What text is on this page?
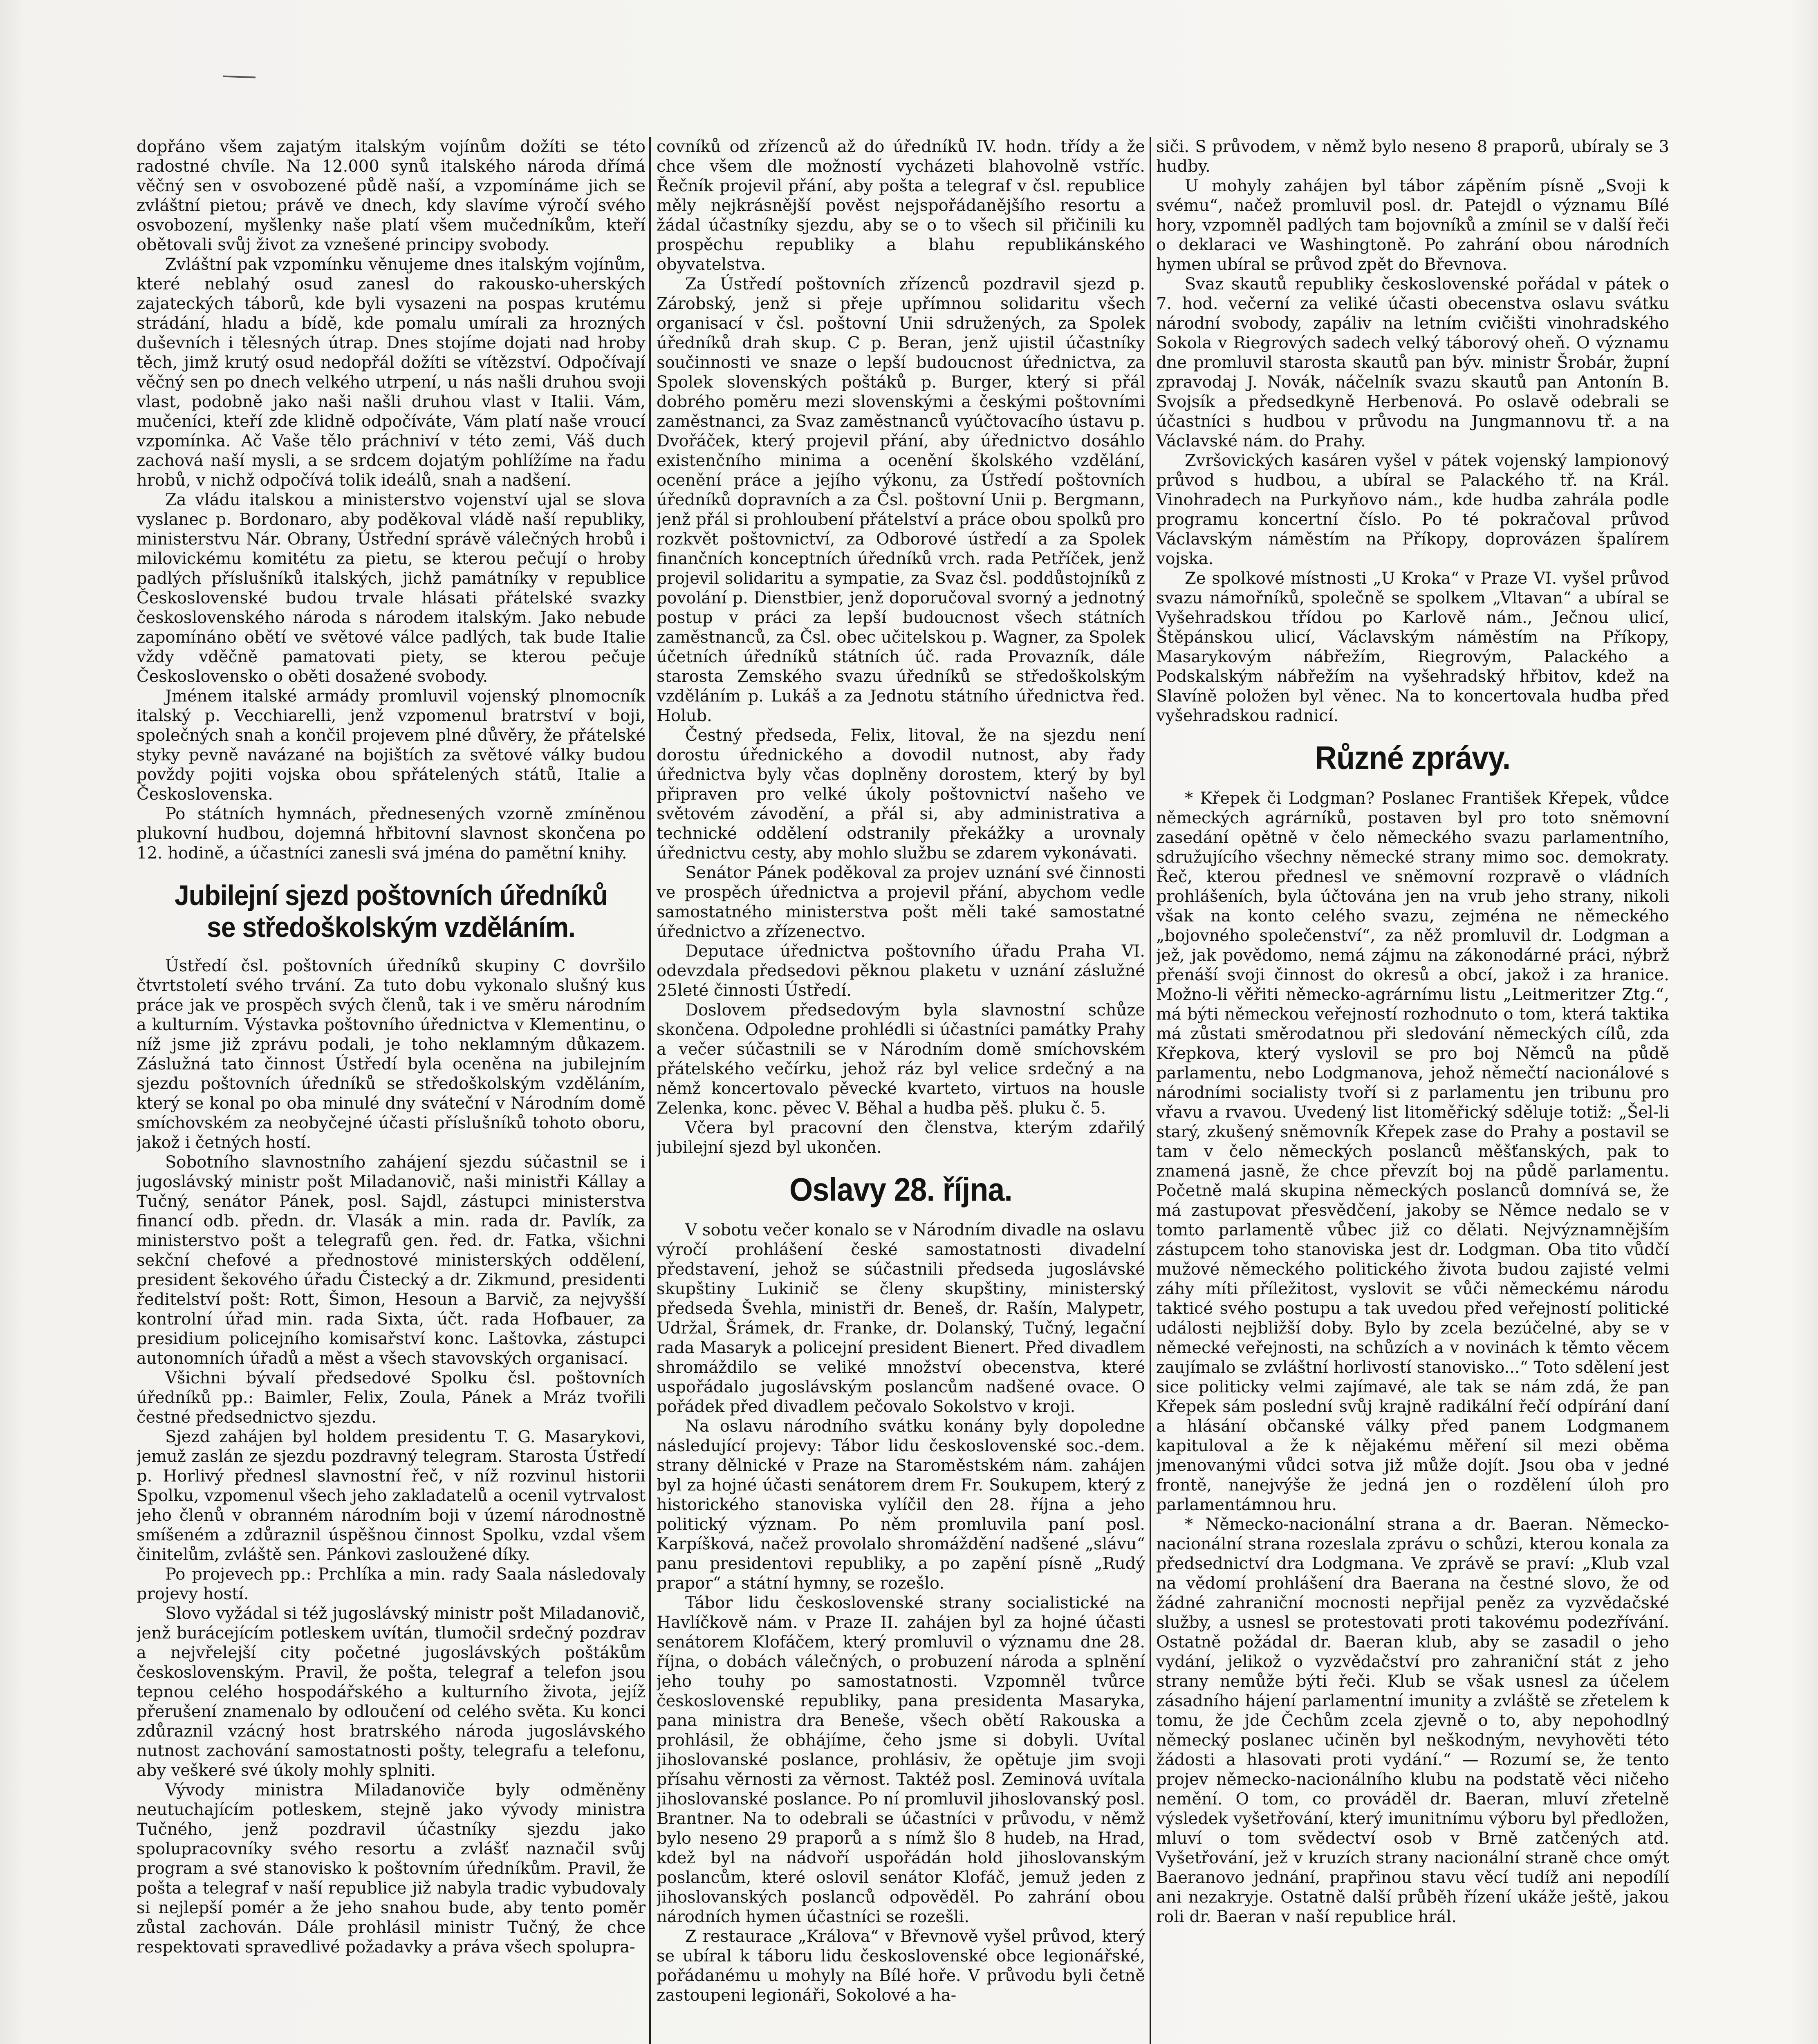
dopřáno všem zajatým italským vojínům dožíti se této radostné chvíle. Na 12.000 synů italského národa dřímá věčný sen v osvobozené půdě naší, a vzpomínáme jich se zvláštní pietou; právě ve dnech, kdy slavíme výročí svého osvobození, myšlenky naše platí všem mučedníkům, kteří obětovali svůj život za vznešené principy svobody.

Zvláštní pak vzpomínku věnujeme dnes italským vojínům, které neblahý osud zanesl do rakousko-uherských zajateckých táborů, kde byli vysazeni na pospas krutému strádání, hladu a bídě, kde pomalu umírali za hrozných duševních i tělesných útrap. Dnes stojíme dojati nad hroby těch, jimž krutý osud nedopřál dožíti se vítězství. Odpočívají věčný sen po dnech velkého utrpení, u nás našli druhou svoji vlast, podobně jako naši našli druhou vlast v Italii. Vám, mučeníci, kteří zde klidně odpočíváte, Vám platí naše vroucí vzpomínka. Ač Vaše tělo práchniví v této zemi, Váš duch zachová naší mysli, a se srdcem dojatým pohlížíme na řadu hrobů, v nichž odpočívá tolik ideálů, snah a nadšení.

Za vládu italskou a ministerstvo vojenství ujal se slova vyslanec p. Bordonaro, aby poděkoval vládě naší republiky, ministerstvu Nár. Obrany, Ústřední správě válečných hrobů i milovickému komitétu za pietu, se kterou pečují o hroby padlých příslušníků italských, jichž památníky v republice Československé budou trvale hlásati přátelské svazky československého národa s národem italským. Jako nebude zapomínáno obětí ve světové válce padlých, tak bude Italie vždy vděčně pamatovati piety, se kterou pečuje Československo o oběti dosažené svobody.

Jménem italské armády promluvil vojenský plnomocník italský p. Vecchiarelli, jenž vzpomenul bratrství v boji, společných snah a končil projevem plné důvěry, že přátelské styky pevně navázané na bojištích za světové války budou povždy pojiti vojska obou spřátelených států, Italie a Československa.

Po státních hymnách, přednesených vzorně zmíněnou plukovní hudbou, dojemná hřbitovní slavnost skončena po 12. hodině, a účastníci zanesli svá jména do pamětní knihy.

Jubilejní sjezd poštovních úředníků se středoškolským vzděláním.

Ústředí čsl. poštovních úředníků skupiny C dovršilo čtvrtstoletí svého trvání. Za tuto dobu vykonalo slušný kus práce jak ve prospěch svých členů, tak i ve směru národním a kulturním. Výstavka poštovního úřednictva v Klementinu, o níž jsme již zprávu podali, je toho neklamným důkazem. Záslužná tato činnost Ústředí byla oceněna na jubilejním sjezdu poštovních úředníků se středoškolským vzděláním, který se konal po oba minulé dny sváteční v Národním domě smíchovském za neobyčejné účasti příslušníků tohoto oboru, jakož i četných hostí.

Sobotního slavnostního zahájení sjezdu súčastnil se i jugoslávský ministr pošt Miladanovič, naši ministři Kállay a Tučný, senátor Pánek, posl. Sajdl, zástupci ministerstva financí odb. předn. dr. Vlasák a min. rada dr. Pavlík, za ministerstvo pošt a telegrafů gen. řed. dr. Fatka, všichni sekční chefové a přednostové ministerských oddělení, president šekového úřadu Čistecký a dr. Zikmund, presidenti ředitelství pošt: Rott, Šimon, Hesoun a Barvič, za nejvyšší kontrolní úřad min. rada Sixta, účt. rada Hofbauer, za presidium policejního komisařství konc. Laštovka, zástupci autonomních úřadů a měst a všech stavovských organisací.

Všichni bývalí předsedové Spolku čsl. poštovních úředníků pp.: Baimler, Felix, Zoula, Pánek a Mráz tvořili čestné předsednictvo sjezdu.

Sjezd zahájen byl holdem presidentu T. G. Masarykovi, jemuž zaslán ze sjezdu pozdravný telegram. Starosta Ústředí p. Horlivý přednesl slavnostní řeč, v níž rozvinul historii Spolku, vzpomenul všech jeho zakladatelů a ocenil vytrvalost jeho členů v obranném národním boji v území národnostně smíšeném a zdůraznil úspěšnou činnost Spolku, vzdal všem činitelům, zvláště sen. Pánkovi zasloužené díky.

Po projevech pp.: Prchlíka a min. rady Saala následovaly projevy hostí.

Slovo vyžádal si též jugoslávský ministr pošt Miladanovič, jenž burácejícím potleskem uvítán, tlumočil srdečný pozdrav a nejvřelejší city početné jugoslávských poštákům československým. Pravil, že pošta, telegraf a telefon jsou tepnou celého hospodářského a kulturního života, jejíž přerušení znamenalo by odloučení od celého světa. Ku konci zdůraznil vzácný host bratrského národa jugoslávského nutnost zachování samostatnosti pošty, telegrafu a telefonu, aby veškeré své úkoly mohly splniti.

Vývody ministra Miladanoviče byly odměněny neutuchajícím potleskem, stejně jako vývody ministra Tučného, jenž pozdravil účastníky sjezdu jako spolupracovníky svého resortu a zvlášť naznačil svůj program a své stanovisko k poštovním úředníkům. Pravil, že pošta a telegraf v naší republice již nabyla tradic vybudovaly si nejlepší pomér a že jeho snahou bude, aby tento poměr zůstal zachován. Dále prohlásil ministr Tučný, že chce respektovati spravedlivé požadavky a práva všech spolupra-

covníků od zřízenců až do úředníků IV. hodn. třídy a že chce všem dle možností vycházeti blahovolně vstříc. Řečník projevil přání, aby pošta a telegraf v čsl. republice měly nejkrásnější pověst nejspořádanějšího resortu a žádal účastníky sjezdu, aby se o to všech sil přičinili ku prospěchu republiky a blahu republikánského obyvatelstva.

Za Ústředí poštovních zřízenců pozdravil sjezd p. Zárobský, jenž si přeje upřímnou solidaritu všech organisací v čsl. poštovní Unii sdružených, za Spolek úředníků drah skup. C p. Beran, jenž ujistil účastníky součinnosti ve snaze o lepší budoucnost úřednictva, za Spolek slovenských poštáků p. Burger, který si přál dobrého poměru mezi slovenskými a českými poštovními zaměstnanci, za Svaz zaměstnanců vyúčtovacího ústavu p. Dvořáček, který projevil přání, aby úřednictvo dosáhlo existenčního minima a ocenění školského vzdělání, ocenění práce a jejího výkonu, za Ústředí poštovních úředníků dopravních a za Čsl. poštovní Unii p. Bergmann, jenž přál si prohloubení přátelství a práce obou spolků pro rozkvět poštovnictví, za Odborové ústředí a za Spolek finančních konceptních úředníků vrch. rada Petříček, jenž projevil solidaritu a sympatie, za Svaz čsl. poddůstojníků z povolání p. Dienstbier, jenž doporučoval svorný a jednotný postup v práci za lepší budoucnost všech státních zaměstnanců, za Čsl. obec učitelskou p. Wagner, za Spolek účetních úředníků státních úč. rada Provazník, dále starosta Zemského svazu úředníků se středoškolským vzděláním p. Lukáš a za Jednotu státního úřednictva řed. Holub.

Čestný předseda, Felix, litoval, že na sjezdu není dorostu úřednického a dovodil nutnost, aby řady úřednictva byly včas doplněny dorostem, který by byl připraven pro velké úkoly poštovnictví našeho ve světovém závodění, a přál si, aby administrativa a technické oddělení odstranily překážky a urovnaly úřednictvu cesty, aby mohlo službu se zdarem vykonávati.

Senátor Pánek poděkoval za projev uznání své činnosti ve prospěch úřednictva a projevil přání, abychom vedle samostatného ministerstva pošt měli také samostatné úřednictvo a zřízenectvo.

Deputace úřednictva poštovního úřadu Praha VI. odevzdala předsedovi pěknou plaketu v uznání záslužné 25leté činnosti Ústředí.

Doslovem předsedovým byla slavnostní schůze skončena. Odpoledne prohlédli si účastníci památky Prahy a večer súčastnili se v Národním domě smíchovském přátelského večírku, jehož ráz byl velice srdečný a na němž koncertovalo pěvecké kvarteto, virtuos na housle Zelenka, konc. pěvec V. Běhal a hudba pěš. pluku č. 5.

Včera byl pracovní den členstva, kterým zdařilý jubilejní sjezd byl ukončen.

Oslavy 28. října.

V sobotu večer konalo se v Národním divadle na oslavu výročí prohlášení české samostatnosti divadelní představení, jehož se súčastnili předseda jugoslávské skupštiny Lukinič se členy skupštiny, ministerský předseda Švehla, ministři dr. Beneš, dr. Rašín, Malypetr, Udržal, Šrámek, dr. Franke, dr. Dolanský, Tučný, legační rada Masaryk a policejní president Bienert. Před divadlem shromáždilo se veliké množství obecenstva, které uspořádalo jugoslávským poslancům nadšené ovace. O pořádek před divadlem pečovalo Sokolstvo v kroji.

Na oslavu národního svátku konány byly dopoledne následující projevy: Tábor lidu československé soc.-dem. strany dělnické v Praze na Staroměstském nám. zahájen byl za hojné účasti senátorem drem Fr. Soukupem, který z historického stanoviska vylíčil den 28. října a jeho politický význam. Po něm promluvila paní posl. Karpíšková, načež provolalo shromáždění nadšené „slávu“ panu presidentovi republiky, a po zapění písně „Rudý prapor“ a státní hymny, se rozešlo.

Tábor lidu československé strany socialistické na Havlíčkově nám. v Praze II. zahájen byl za hojné účasti senátorem Klofáčem, který promluvil o významu dne 28. října, o dobách válečných, o probuzení národa a splnění jeho touhy po samostatnosti. Vzpomněl tvůrce československé republiky, pana presidenta Masaryka, pana ministra dra Beneše, všech obětí Rakouska a prohlásil, že obhájíme, čeho jsme si dobyli. Uvítal jihoslovanské poslance, prohlásiv, že opětuje jim svoji přísahu věrnosti za věrnost. Taktéž posl. Zeminová uvítala jihoslovanské poslance. Po ní promluvil jihoslovanský posl. Brantner. Na to odebrali se účastníci v průvodu, v němž bylo neseno 29 praporů a s nímž šlo 8 hudeb, na Hrad, kdež byl na nádvoří uspořádán hold jihoslovanským poslancům, které oslovil senátor Klofáč, jemuž jeden z jihoslovanských poslanců odpověděl. Po zahrání obou národních hymen účastníci se rozešli.

Z restaurace „Králova“ v Břevnově vyšel průvod, který se ubíral k táboru lidu československé obce legionářské, pořádanému u mohyly na Bílé hoře. V průvodu byli četně zastoupeni legionáři, Sokolové a ha-

siči. S průvodem, v němž bylo neseno 8 praporů, ubíraly se 3 hudby.

U mohyly zahájen byl tábor zápěním písně „Svoji k svému“, načež promluvil posl. dr. Patejdl o významu Bílé hory, vzpomněl padlých tam bojovníků a zmínil se v další řeči o deklaraci ve Washingtoně. Po zahrání obou národních hymen ubíral se průvod zpět do Břevnova.

Svaz skautů republiky československé pořádal v pátek o 7. hod. večerní za veliké účasti obecenstva oslavu svátku národní svobody, zapáliv na letním cvičišti vinohradského Sokola v Riegrových sadech velký táborový oheň. O významu dne promluvil starosta skautů pan býv. ministr Šrobár, župní zpravodaj J. Novák, náčelník svazu skautů pan Antonín B. Svojsík a předsedkyně Herbenová. Po oslavě odebrali se účastníci s hudbou v průvodu na Jungmannovu tř. a na Václavské nám. do Prahy.

Zvršovických kasáren vyšel v pátek vojenský lampionový průvod s hudbou, a ubíral se Palackého tř. na Král. Vinohradech na Purkyňovo nám., kde hudba zahrála podle programu koncertní číslo. Po té pokračoval průvod Václavským náměstím na Příkopy, doprovázen špalírem vojska.

Ze spolkové místnosti „U Kroka“ v Praze VI. vyšel průvod svazu námořníků, společně se spolkem „Vltavan“ a ubíral se Vyšehradskou třídou po Karlově nám., Ječnou ulicí, Štěpánskou ulicí, Václavským náměstím na Příkopy, Masarykovým nábřežím, Riegrovým, Palackého a Podskalským nábřežím na vyšehradský hřbitov, kdež na Slavíně položen byl věnec. Na to koncertovala hudba před vyšehradskou radnicí.

Různé zprávy.

* Křepek či Lodgman? Poslanec František Křepek, vůdce německých agrárníků, postaven byl pro toto sněmovní zasedání opětně v čelo německého svazu parlamentního, sdružujícího všechny německé strany mimo soc. demokraty. Řeč, kterou přednesl ve sněmovní rozpravě o vládních prohlášeních, byla účtována jen na vrub jeho strany, nikoli však na konto celého svazu, zejména ne německého „bojovného společenství“, za něž promluvil dr. Lodgman a jež, jak povědomo, nemá zájmu na zákonodárné práci, nýbrž přenáší svoji činnost do okresů a obcí, jakož i za hranice. Možno-li věřiti německo-agrárnímu listu „Leitmeritzer Ztg.“, má býti německou veřejností rozhodnuto o tom, která taktika má zůstati směrodatnou při sledování německých cílů, zda Křepkova, který vyslovil se pro boj Němců na půdě parlamentu, nebo Lodgmanova, jehož němečtí nacionálové s národními socialisty tvoří si z parlamentu jen tribunu pro vřavu a rvavou. Uvedený list litoměřický sděluje totiž: „Šel-li starý, zkušený sněmovník Křepek zase do Prahy a postavil se tam v čelo německých poslanců měšťanských, pak to znamená jasně, že chce převzít boj na půdě parlamentu. Početně malá skupina německých poslanců domnívá se, že má zastupovat přesvědčení, jakoby se Němce nedalo se v tomto parlamentě vůbec již co dělati. Nejvýznamnějším zástupcem toho stanoviska jest dr. Lodgman. Oba tito vůdčí mužové německého politického života budou zajisté velmi záhy míti příležitost, vyslovit se vůči německému národu takticé svého postupu a tak uvedou před veřejností politické události nejbližší doby. Bylo by zcela bezúčelné, aby se v německé veřejnosti, na schůzích a v novinách k těmto věcem zaujímalo se zvláštní horlivostí stanovisko...“ Toto sdělení jest sice politicky velmi zajímavé, ale tak se nám zdá, že pan Křepek sám poslední svůj krajně radikální řečí odpírání daní a hlásání občanské války před panem Lodgmanem kapituloval a že k nějakému měření sil mezi oběma jmenovanými vůdci sotva již může dojít. Jsou oba v jedné frontě, nanejvýše že jedná jen o rozdělení úloh pro parlamentámnou hru.

* Německo-nacionální strana a dr. Baeran. Německo-nacionální strana rozeslala zprávu o schůzi, kterou konala za předsednictví dra Lodgmana. Ve zprávě se praví: „Klub vzal na vědomí prohlášení dra Baerana na čestné slovo, že od žádné zahraniční mocnosti nepřijal peněz za vyzvědačské služby, a usnesl se protestovati proti takovému podezřívání. Ostatně požádal dr. Baeran klub, aby se zasadil o jeho vydání, jelikož o vyzvědačství pro zahraniční stát z jeho strany nemůže býti řeči. Klub se však usnesl za účelem zásadního hájení parlamentní imunity a zvláště se zřetelem k tomu, že jde Čechům zcela zjevně o to, aby nepohodlný německý poslanec učiněn byl neškodným, nevyhověti této žádosti a hlasovati proti vydání.“ — Rozumí se, že tento projev německo-nacionálního klubu na podstatě věci ničeho nemění. O tom, co prováděl dr. Baeran, mluví zřetelně výsledek vyšetřování, který imunitnímu výboru byl předložen, mluví o tom svědectví osob v Brně zatčených atd. Vyšetřování, jež v kruzích strany nacionální straně chce omýt Baeranovo jednání, prapřinou stavu věcí tudíž ani nepodílí ani nezakryje. Ostatně další průběh řízení ukáže ještě, jakou roli dr. Baeran v naší republice hrál.
